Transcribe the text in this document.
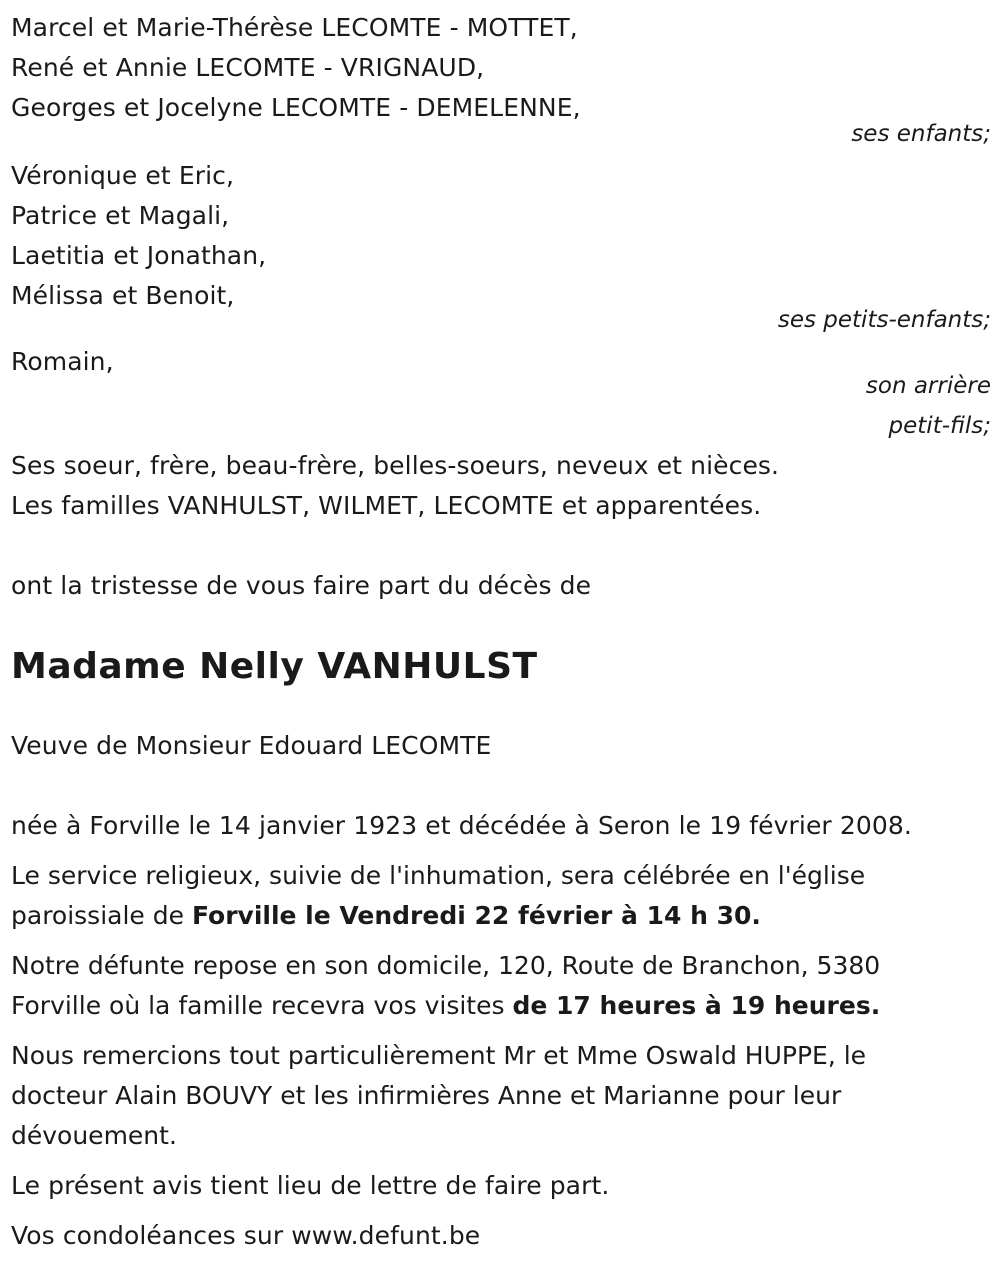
Marcel et Marie-Thérèse LECOMTE - MOTTET,
René et Annie LECOMTE - VRIGNAUD,
Georges et Jocelyne LECOMTE - DEMELENNE,
ses enfants;
Véronique et Eric,
Patrice et Magali,
Laetitia et Jonathan,
Mélissa et Benoit,
ses petits-enfants;
Romain,
son arrière
petit-fils;
Ses soeur, frère, beau-frère, belles-soeurs, neveux et nièces.
Les familles VANHULST, WILMET, LECOMTE et apparentées.
ont la tristesse de vous faire part du décès de
Madame Nelly VANHULST
Veuve de Monsieur Edouard LECOMTE
née à Forville le 14 janvier 1923 et décédée à Seron le 19 février 2008.
Le service religieux, suivie de l'inhumation, sera célébrée en l'église paroissiale de Forville le Vendredi 22 février à 14 h 30.
Notre défunte repose en son domicile, 120, Route de Branchon, 5380 Forville où la famille recevra vos visites de 17 heures à 19 heures.
Nous remercions tout particulièrement Mr et Mme Oswald HUPPE, le docteur Alain BOUVY et les infirmières Anne et Marianne pour leur dévouement.
Le présent avis tient lieu de lettre de faire part.
Vos condoléances sur www.defunt.be
